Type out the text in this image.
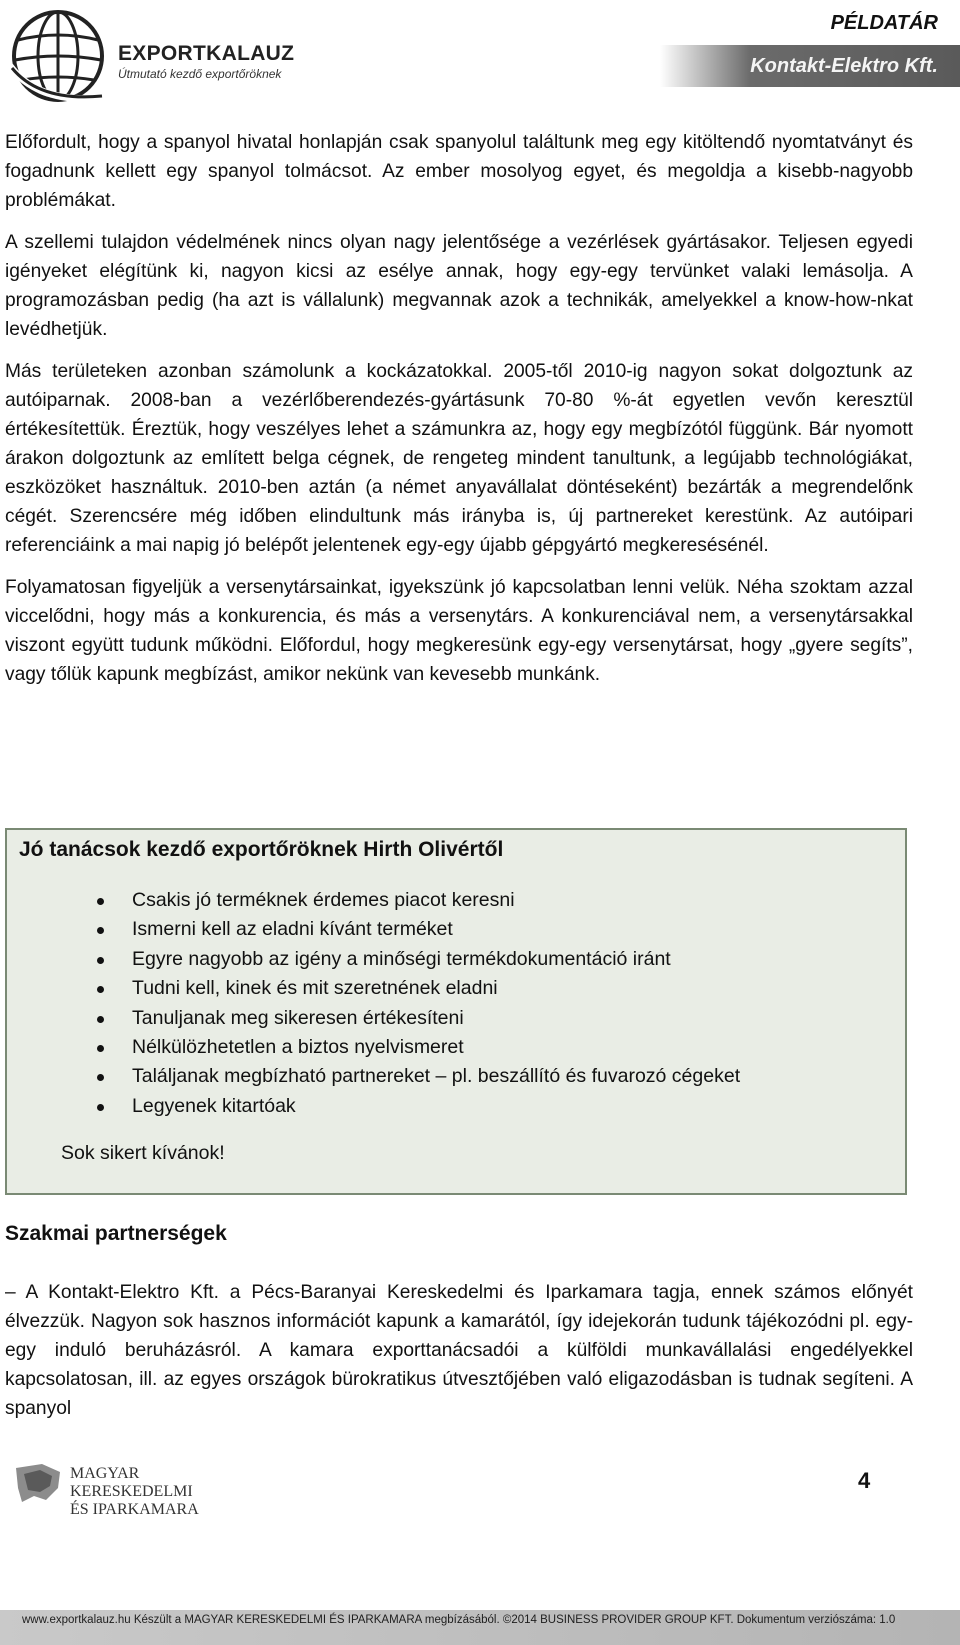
EXPORTKALAUZ
Útmutató kezdő exportőröknek
PÉLDATÁR
Kontakt-Elektro Kft.

Előfordult, hogy a spanyol hivatal honlapján csak spanyolul találtunk meg egy kitöltendő nyomtatványt és fogadnunk kellett egy spanyol tolmácsot. Az ember mosolyog egyet, és megoldja a kisebb-nagyobb problémákat.

A szellemi tulajdon védelmének nincs olyan nagy jelentősége a vezérlések gyártásakor. Teljesen egyedi igényeket elégítünk ki, nagyon kicsi az esélye annak, hogy egy-egy tervünket valaki lemásolja. A programozásban pedig (ha azt is vállalunk) megvannak azok a technikák, amelyekkel a know-how-nkat levédhetjük.

Más területeken azonban számolunk a kockázatokkal. 2005-től 2010-ig nagyon sokat dolgoztunk az autóiparnak. 2008-ban a vezérlőberendezés-gyártásunk 70-80 %-át egyetlen vevőn keresztül értékesítettük. Éreztük, hogy veszélyes lehet a számunkra az, hogy egy megbízótól függünk. Bár nyomott árakon dolgoztunk az említett belga cégnek, de rengeteg mindent tanultunk, a legújabb technológiákat, eszközöket használtuk. 2010-ben aztán (a német anyavállalat döntéseként) bezárták a megrendelőnk cégét. Szerencsére még időben elindultunk más irányba is, új partnereket kerestünk. Az autóipari referenciáink a mai napig jó belépőt jelentenek egy-egy újabb gépgyártó megkeresésénél.

Folyamatosan figyeljük a versenytársainkat, igyekszünk jó kapcsolatban lenni velük. Néha szoktam azzal viccelődni, hogy más a konkurencia, és más a versenytárs. A konkurenciával nem, a versenytársakkal viszont együtt tudunk működni. Előfordul, hogy megkeresünk egy-egy versenytársat, hogy „gyere segíts”, vagy tőlük kapunk megbízást, amikor nekünk van kevesebb munkánk.

Jó tanácsok kezdő exportőröknek Hirth Olivértől
Csakis jó terméknek érdemes piacot keresni
Ismerni kell az eladni kívánt terméket
Egyre nagyobb az igény a minőségi termékdokumentáció iránt
Tudni kell, kinek és mit szeretnének eladni
Tanuljanak meg sikeresen értékesíteni
Nélkülözhetetlen a biztos nyelvismeret
Találjanak megbízható partnereket – pl. beszállító és fuvarozó cégeket
Legyenek kitartóak
Sok sikert kívánok!
Szakmai partnerségek

– A Kontakt-Elektro Kft. a Pécs-Baranyai Kereskedelmi és Iparkamara tagja, ennek számos előnyét élvezzük. Nagyon sok hasznos információt kapunk a kamarától, így idejekorán tudunk tájékozódni pl. egy-egy induló beruházásról. A kamara exporttanácsadói a külföldi munkavállalási engedélyekkel kapcsolatosan, ill. az egyes országok bürokratikus útvesztőjében való eligazodásban is tudnak segíteni. A spanyol

MAGYAR
KERESKEDELMI
ÉS IPARKAMARA
4
www.exportkalauz.hu Készült a MAGYAR KERESKEDELMI ÉS IPARKAMARA megbízásából. ©2014 BUSINESS PROVIDER GROUP KFT. Dokumentum verziószáma: 1.0
